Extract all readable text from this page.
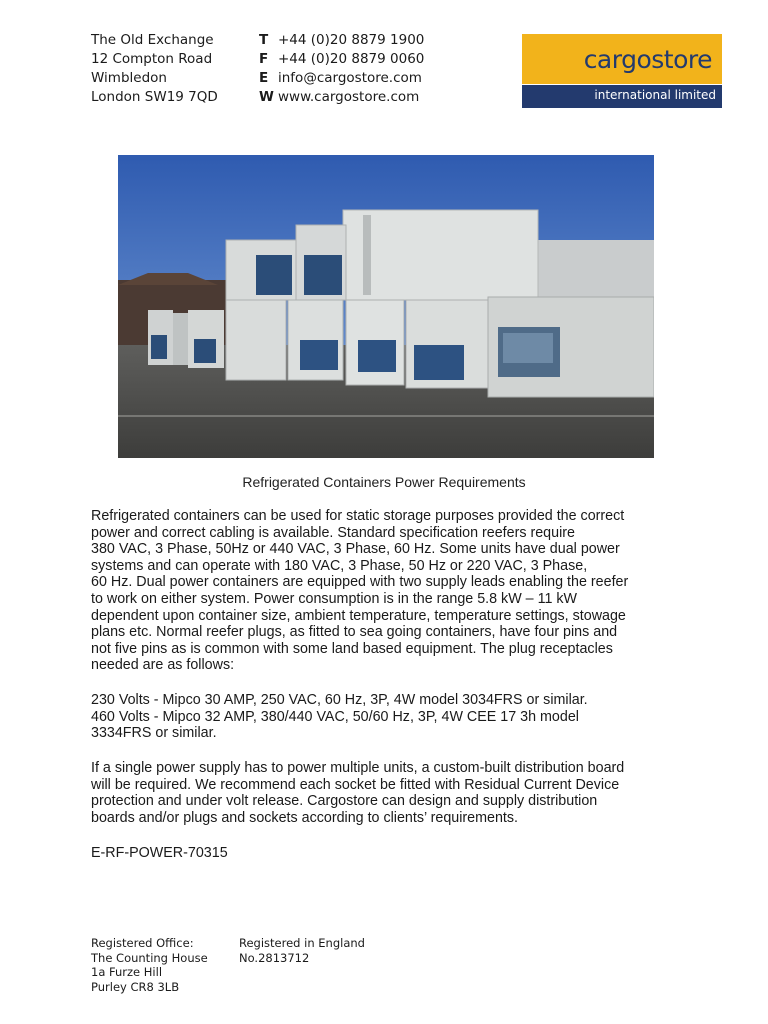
The Old Exchange
12 Compton Road
Wimbledon
London SW19 7QD
T +44 (0)20 8879 1900
F +44 (0)20 8879 0060
E info@cargostore.com
W www.cargostore.com
cargostore
international limited
Refrigerated Containers Power Requirements

Refrigerated containers can be used for static storage purposes provided the correct

power and correct cabling is available. Standard specification reefers require

380 VAC, 3 Phase, 50Hz or 440 VAC, 3 Phase, 60 Hz. Some units have dual power

systems and can operate with 180 VAC, 3 Phase, 50 Hz or 220 VAC, 3 Phase,

60 Hz. Dual power containers are equipped with two supply leads enabling the reefer

to work on either system. Power consumption is in the range 5.8 kW – 11 kW

dependent upon container size, ambient temperature, temperature settings, stowage

plans etc. Normal reefer plugs, as fitted to sea going containers, have four pins and

not five pins as is common with some land based equipment. The plug receptacles

needed are as follows:

230 Volts - Mipco 30 AMP, 250 VAC, 60 Hz, 3P, 4W model 3034FRS or similar.

460 Volts - Mipco 32 AMP, 380/440 VAC, 50/60 Hz, 3P, 4W CEE 17 3h model

3334FRS or similar.

If a single power supply has to power multiple units, a custom-built distribution board

will be required. We recommend each socket be fitted with Residual Current Device

protection and under volt release. Cargostore can design and supply distribution

boards and/or plugs and sockets according to clients’ requirements.

E-RF-POWER-70315
Registered Office:
The Counting House
1a Furze Hill
Purley CR8 3LB
Registered in England
No.2813712
